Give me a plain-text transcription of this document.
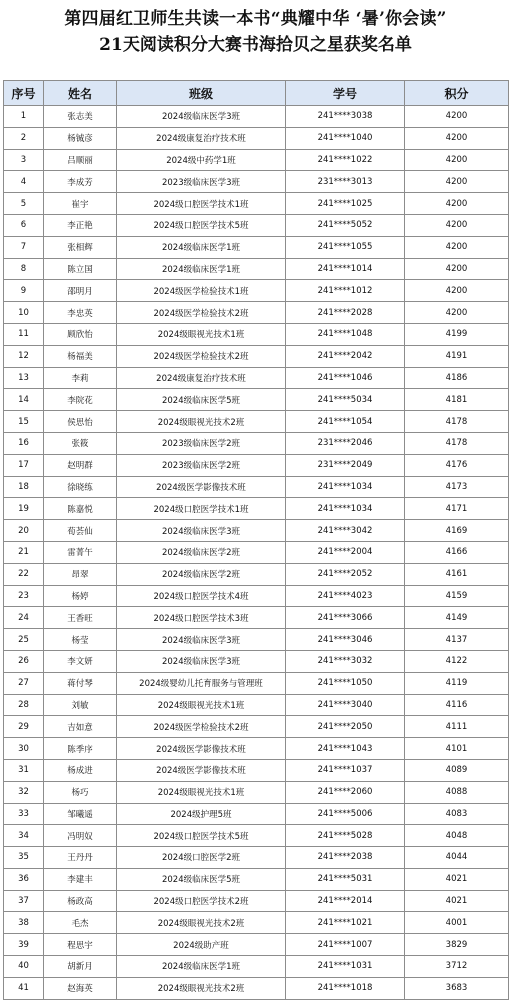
第四届红卫师生共读一本书“典耀中华 ‘暑’你会读”
21天阅读积分大赛书海拾贝之星获奖名单
序号	姓名	班级	学号	积分
1	张志美	2024级临床医学3班	241****3038	4200
2	杨铖彦	2024级康复治疗技术班	241****1040	4200
3	吕顺丽	2024级中药学1班	241****1022	4200
4	李成芳	2023级临床医学3班	231****3013	4200
5	崔宇	2024级口腔医学技术1班	241****1025	4200
6	李正艳	2024级口腔医学技术5班	241****5052	4200
7	张相辉	2024级临床医学1班	241****1055	4200
8	陈立国	2024级临床医学1班	241****1014	4200
9	邵明月	2024级医学检验技术1班	241****1012	4200
10	李忠英	2024级医学检验技术2班	241****2028	4200
11	顾欣怡	2024级眼视光技术1班	241****1048	4199
12	杨福美	2024级医学检验技术2班	241****2042	4191
13	李莉	2024级康复治疗技术班	241****1046	4186
14	李院花	2024级临床医学5班	241****5034	4181
15	侯思怡	2024级眼视光技术2班	241****1054	4178
16	张筱	2023级临床医学2班	231****2046	4178
17	赵明群	2023级临床医学2班	231****2049	4176
18	徐晓练	2024级医学影像技术班	241****1034	4173
19	陈嘉悦	2024级口腔医学技术1班	241****1034	4171
20	荀荟仙	2024级临床医学3班	241****3042	4169
21	雷菁午	2024级临床医学2班	241****2004	4166
22	昂翠	2024级临床医学2班	241****2052	4161
23	杨婷	2024级口腔医学技术4班	241****4023	4159
24	王香旺	2024级口腔医学技术3班	241****3066	4149
25	杨莹	2024级临床医学3班	241****3046	4137
26	李文妍	2024级临床医学3班	241****3032	4122
27	蒋付琴	2024级婴幼儿托育服务与管理班	241****1050	4119
28	刘敏	2024级眼视光技术1班	241****3040	4116
29	吉如意	2024级医学检验技术2班	241****2050	4111
30	陈季序	2024级医学影像技术班	241****1043	4101
31	杨成进	2024级医学影像技术班	241****1037	4089
32	杨巧	2024级眼视光技术1班	241****2060	4088
33	邹曦遥	2024级护理5班	241****5006	4083
34	冯明奴	2024级口腔医学技术5班	241****5028	4048
35	王丹丹	2024级口腔医学2班	241****2038	4044
36	李建丰	2024级临床医学5班	241****5031	4021
37	杨政高	2024级口腔医学技术2班	241****2014	4021
38	毛杰	2024级眼视光技术2班	241****1021	4001
39	程思宇	2024级助产班	241****1007	3829
40	胡新月	2024级临床医学1班	241****1031	3712
41	赵海英	2024级眼视光技术2班	241****1018	3683
